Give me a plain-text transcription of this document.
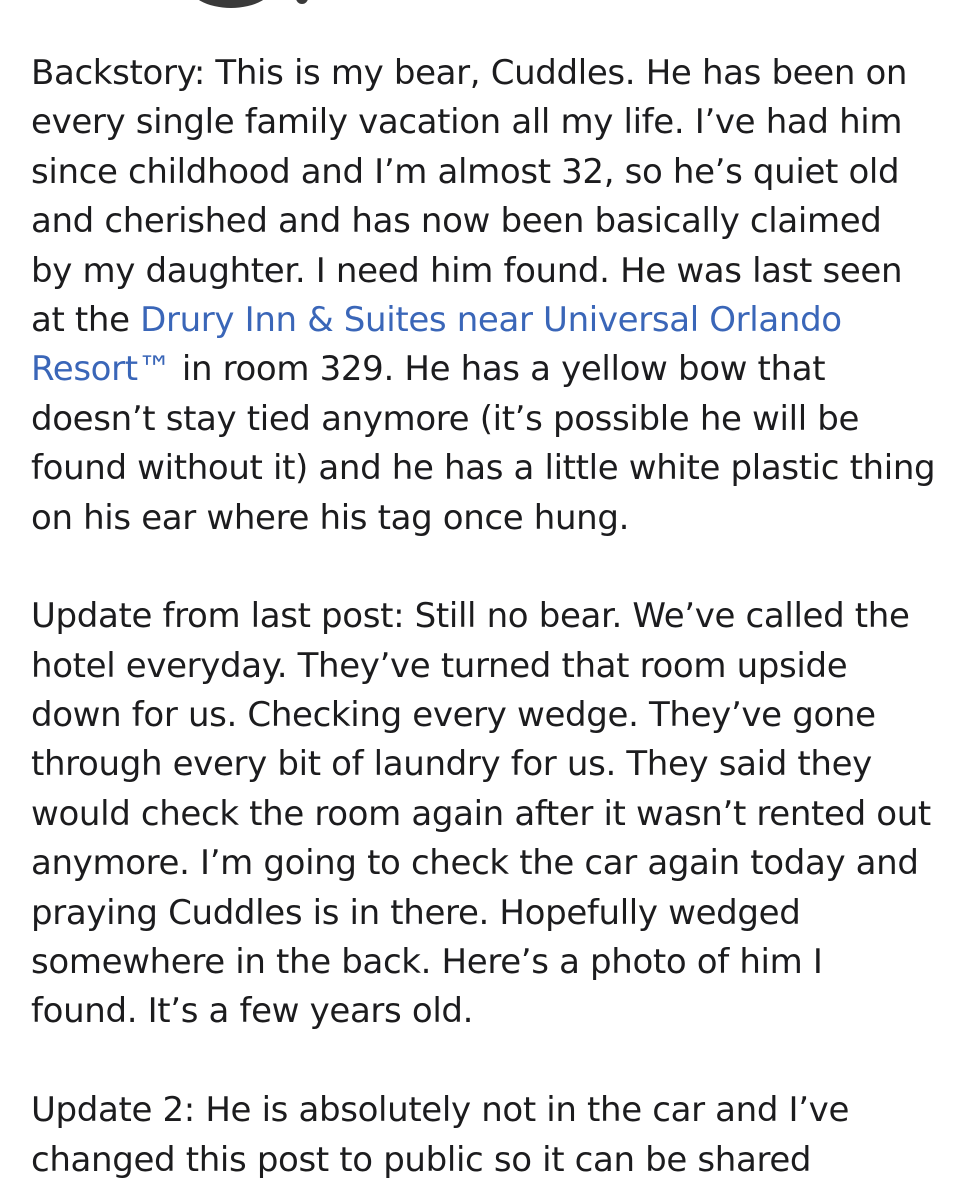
Backstory: This is my bear, Cuddles. He has been on
every single family vacation all my life. I’ve had him
since childhood and I’m almost 32, so he’s quiet old
and cherished and has now been basically claimed
by my daughter. I need him found. He was last seen
at the Drury Inn & Suites near Universal Orlando
Resort™ in room 329. He has a yellow bow that
doesn’t stay tied anymore (it’s possible he will be
found without it) and he has a little white plastic thing
on his ear where his tag once hung.
Update from last post: Still no bear. We’ve called the
hotel everyday. They’ve turned that room upside
down for us. Checking every wedge. They’ve gone
through every bit of laundry for us. They said they
would check the room again after it wasn’t rented out
anymore. I’m going to check the car again today and
praying Cuddles is in there. Hopefully wedged
somewhere in the back. Here’s a photo of him I
found. It’s a few years old.
Update 2: He is absolutely not in the car and I’ve
changed this post to public so it can be shared
